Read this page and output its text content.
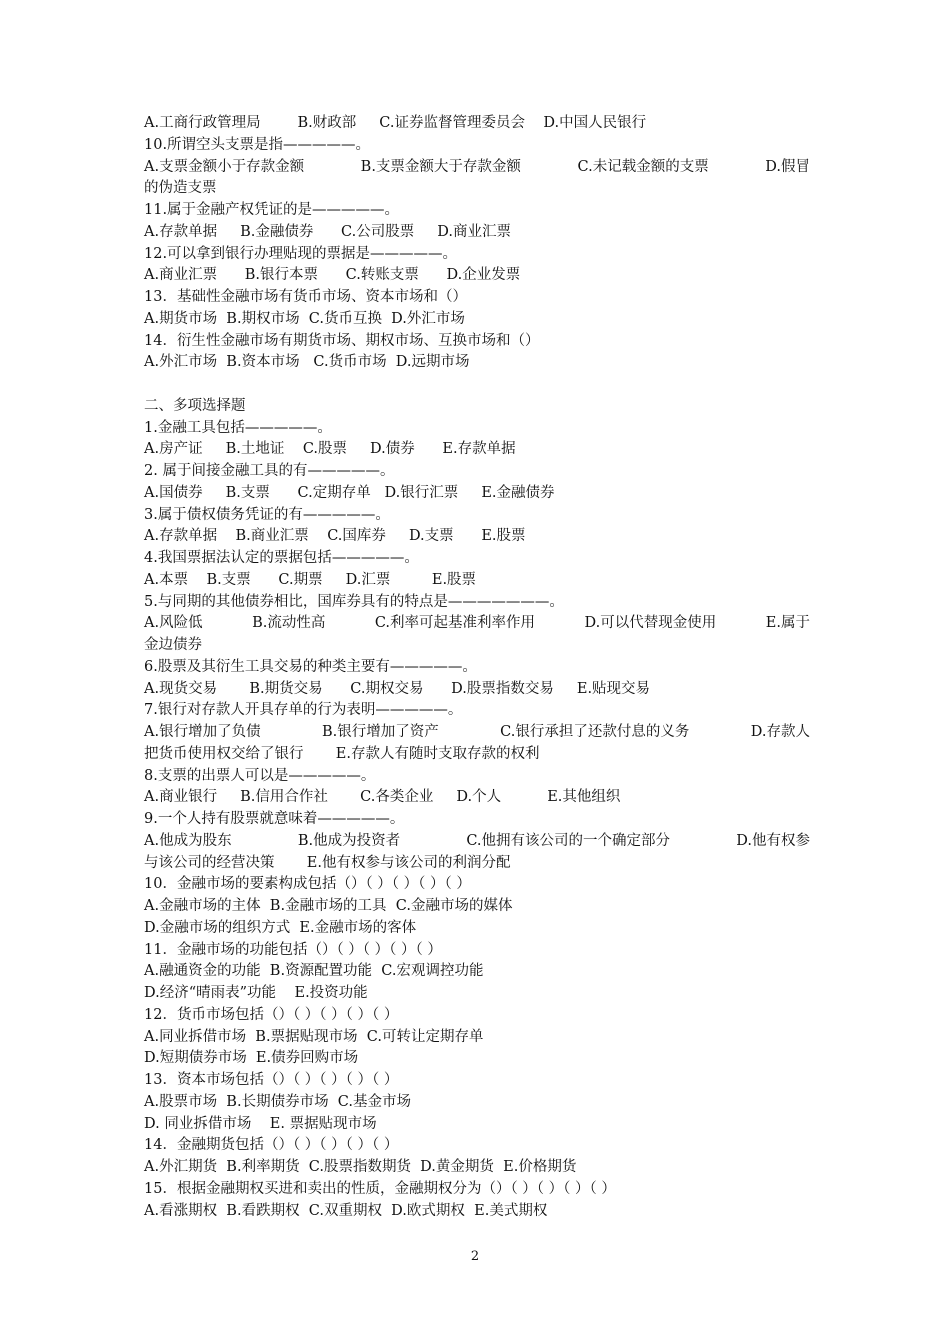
A.工商行政管理局        B.财政部     C.证券监督管理委员会    D.中国人民银行
10.所谓空头支票是指—————。
A.支票金额小于存款金额	B.支票金额大于存款金额	C.未记载金额的支票	D.假冒
的伪造支票
11.属于金融产权凭证的是—————。
A.存款单据     B.金融债券      C.公司股票     D.商业汇票
12.可以拿到银行办理贴现的票据是—————。
A.商业汇票      B.银行本票      C.转账支票      D.企业发票
13．基础性金融市场有货币市场、资本市场和（）
A.期货市场  B.期权市场  C.货币互换  D.外汇市场
14．衍生性金融市场有期货市场、期权市场、互换市场和（）
A.外汇市场  B.资本市场   C.货币市场  D.远期市场
二、多项选择题
1.金融工具包括—————。
A.房产证     B.土地证    C.股票     D.债券      E.存款单据
2. 属于间接金融工具的有—————。
A.国债券     B.支票      C.定期存单   D.银行汇票     E.金融债券
3.属于债权债务凭证的有—————。
A.存款单据    B.商业汇票    C.国库券     D.支票      E.股票
4.我国票据法认定的票据包括—————。
A.本票    B.支票      C.期票     D.汇票         E.股票
5.与同期的其他债券相比，国库券具有的特点是———————。
A.风险低	B.流动性高	C.利率可起基准利率作用	D.可以代替现金使用	E.属于
金边债券
6.股票及其衍生工具交易的种类主要有—————。
A.现货交易       B.期货交易      C.期权交易      D.股票指数交易     E.贴现交易
7.银行对存款人开具存单的行为表明—————。
A.银行增加了负债	B.银行增加了资产	C.银行承担了还款付息的义务	D.存款人
把货币使用权交给了银行       E.存款人有随时支取存款的权利
8.支票的出票人可以是—————。
A.商业银行     B.信用合作社       C.各类企业     D.个人          E.其他组织
9.一个人持有股票就意味着—————。
A.他成为股东	B.他成为投资者	C.他拥有该公司的一个确定部分	D.他有权参
与该公司的经营决策       E.他有权参与该公司的利润分配
10．金融市场的要素构成包括（）（ ）（ ）（ ）（ ）
A.金融市场的主体  B.金融市场的工具  C.金融市场的媒体
D.金融市场的组织方式  E.金融市场的客体
11．金融市场的功能包括（）（ ）（ ）（ ）（ ）
A.融通资金的功能  B.资源配置功能  C.宏观调控功能
D.经济“晴雨表”功能    E.投资功能
12．货币市场包括（）（ ）（ ）（ ）（ ）
A.同业拆借市场  B.票据贴现市场  C.可转让定期存单
D.短期债券市场  E.债券回购市场
13．资本市场包括（）（ ）（ ）（ ）（ ）
A.股票市场  B.长期债券市场  C.基金市场
D. 同业拆借市场    E. 票据贴现市场
14．金融期货包括（）（ ）（ ）（ ）（ ）
A.外汇期货  B.利率期货  C.股票指数期货  D.黄金期货  E.价格期货
15．根据金融期权买进和卖出的性质，金融期权分为（）（ ）（ ）（ ）（ ）
A.看涨期权  B.看跌期权  C.双重期权  D.欧式期权  E.美式期权
2
